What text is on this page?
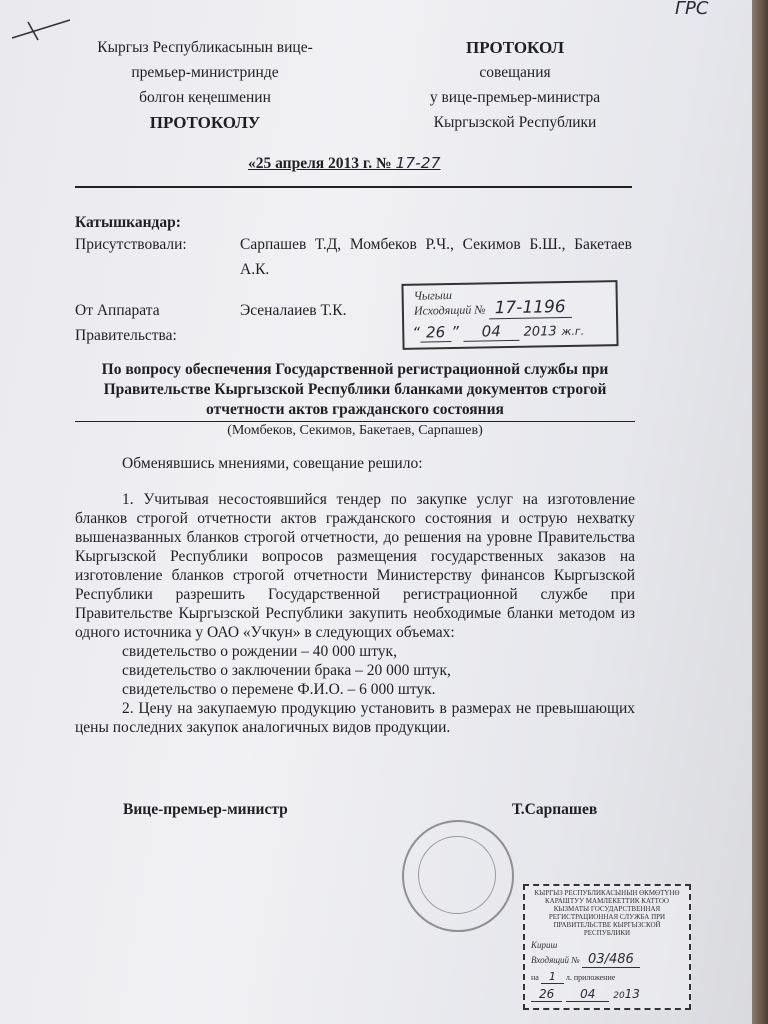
ГРС
Кыргыз Республикасынын вице-
премьер-министринде
болгон кеңешменин
ПРОТОКОЛУ
ПРОТОКОЛ
совещания
у вице-премьер-министра
Кыргызской Республики
«25 апреля 2013 г. № 17-27
Катышкандар:
Присутствовали:	Сарпашев Т.Д, Момбеков Р.Ч., Секимов Б.Ш., Бакетаев А.К.
От Аппарата Правительства:
Эсеналаиев Т.К.
Чыгыш
Исходящий № 17-1196
“ 26 ” 04 2013 ж.г.
По вопросу обеспечения Государственной регистрационной службы при Правительстве Кыргызской Республики бланками документов строгой отчетности актов гражданского состояния
(Момбеков, Секимов, Бакетаев, Сарпашев)
Обменявшись мнениями, совещание решило:
1. Учитывая несостоявшийся тендер по закупке услуг на изготовление бланков строгой отчетности актов гражданского состояния и острую нехватку вышеназванных бланков строгой отчетности, до решения на уровне Правительства Кыргызской Республики вопросов размещения государственных заказов на изготовление бланков строгой отчетности Министерству финансов Кыргызской Республики разрешить Государственной регистрационной службе при Правительстве Кыргызской Республики закупить необходимые бланки методом из одного источника у ОАО «Учкун» в следующих объемах:
свидетельство о рождении – 40 000 штук,
свидетельство о заключении брака – 20 000 штук,
свидетельство о перемене Ф.И.О. – 6 000 штук.
2. Цену на закупаемую продукцию установить в размерах не превышающих цены последних закупок аналогичных видов продукции.
Вице-премьер-министр	Т.Сарпашев
КЫРГЫЗ РЕСПУБЛИКАСЫНЫН ӨКМӨТҮНӨ КАРАШТУУ МАМЛЕКЕТТИК КАТТОО КЫЗМАТЫ ГОСУДАРСТВЕННАЯ РЕГИСТРАЦИОННАЯ СЛУЖБА ПРИ ПРАВИТЕЛЬСТВЕ КЫРГЫЗСКОЙ РЕСПУБЛИКИ
Кириш
Входящий № 03/486
на 1 л. приложение
26 04 2013
